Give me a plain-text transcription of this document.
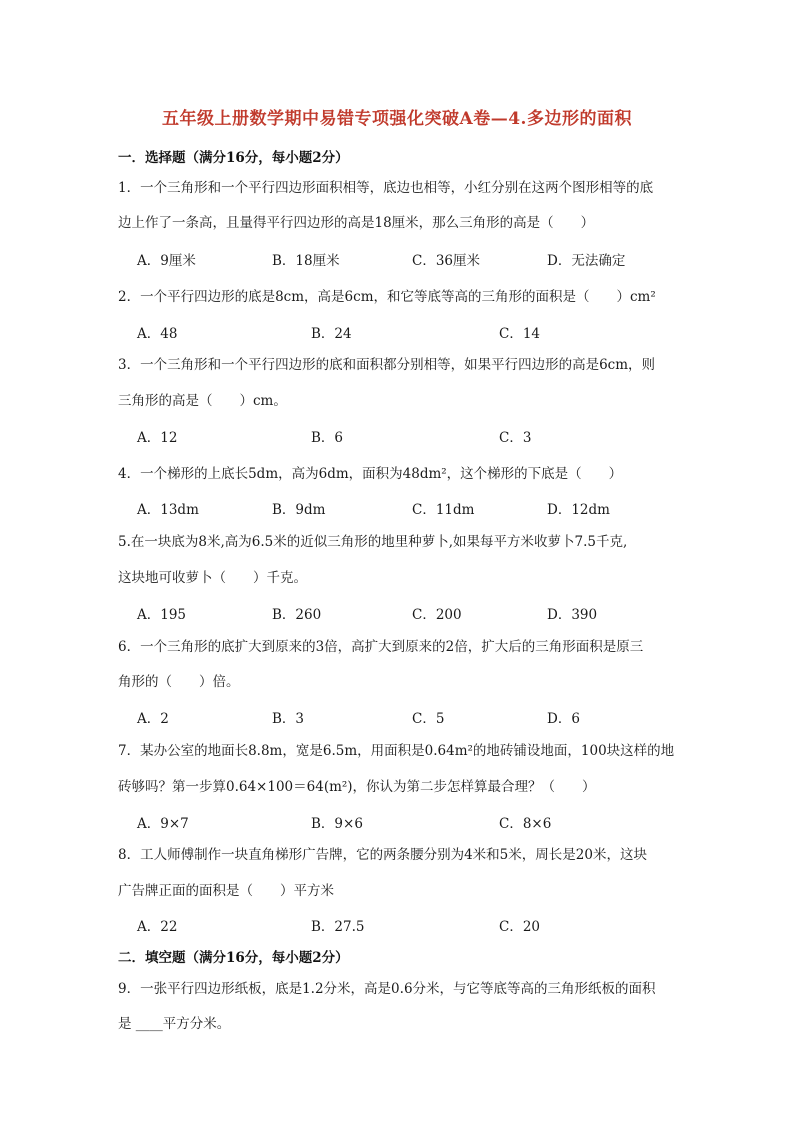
五年级上册数学期中易错专项强化突破A卷—4.多边形的面积
一．选择题（满分16分，每小题2分）
1．一个三角形和一个平行四边形面积相等，底边也相等，小红分别在这两个图形相等的底
边上作了一条高，且量得平行四边形的高是18厘米，那么三角形的高是（　　）
A．9厘米	B．18厘米	C．36厘米	D．无法确定
2．一个平行四边形的底是8cm，高是6cm，和它等底等高的三角形的面积是（　　）cm²
A．48	B．24	C．14
3．一个三角形和一个平行四边形的底和面积都分别相等，如果平行四边形的高是6cm，则
三角形的高是（　　）cm。
A．12	B．6	C．3
4．一个梯形的上底长5dm，高为6dm，面积为48dm²，这个梯形的下底是（　　）
A．13dm	B．9dm	C．11dm	D．12dm
5.在一块底为8米,高为6.5米的近似三角形的地里种萝卜,如果每平方米收萝卜7.5千克,
这块地可收萝卜（　　）千克。
A．195	B．260	C．200	D．390
6．一个三角形的底扩大到原来的3倍，高扩大到原来的2倍，扩大后的三角形面积是原三
角形的（　　）倍。
A．2	B．3	C．5	D．6
7．某办公室的地面长8.8m，宽是6.5m，用面积是0.64m²的地砖铺设地面，100块这样的地
砖够吗？第一步算0.64×100＝64(m²)，你认为第二步怎样算最合理？（　　）
A．9×7	B．9×6	C．8×6
8．工人师傅制作一块直角梯形广告牌，它的两条腰分别为4米和5米，周长是20米，这块
广告牌正面的面积是（　　）平方米
A．22	B．27.5	C．20
二．填空题（满分16分，每小题2分）
9．一张平行四边形纸板，底是1.2分米，高是0.6分米，与它等底等高的三角形纸板的面积
是 ____平方分米。
